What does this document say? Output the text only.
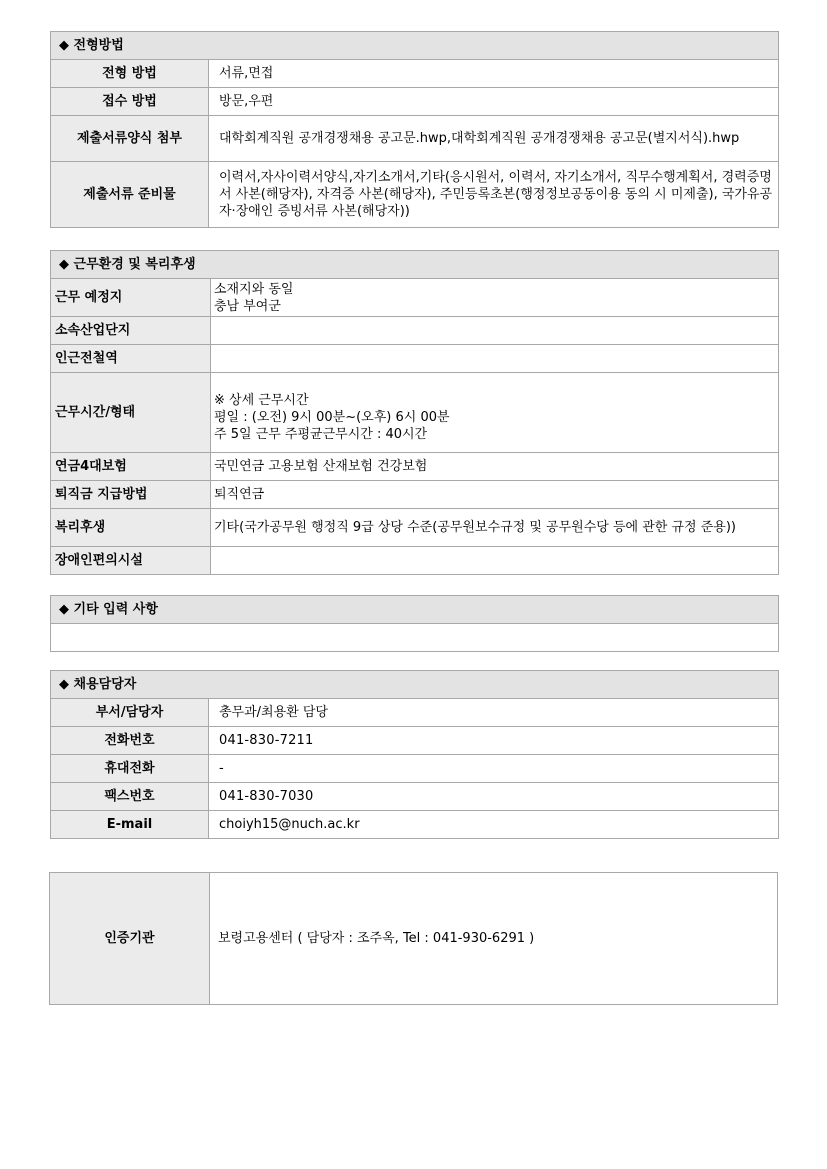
◆ 전형방법	
전형 방법	서류,면접
접수 방법	방문,우편
제출서류양식 첨부	대학회계직원 공개경쟁채용 공고문.hwp,대학회계직원 공개경쟁채용 공고문(별지서식).hwp
제출서류 준비물	이력서,자사이력서양식,자기소개서,기타(응시원서, 이력서, 자기소개서, 직무수행계획서, 경력증명서 사본(해당자), 자격증 사본(해당자), 주민등록초본(행정정보공동이용 동의 시 미제출), 국가유공자·장애인 증빙서류 사본(해당자))
◆ 근무환경 및 복리후생	
근무 예정지	소재지와 동일
충남 부여군

소속산업단지	
인근전철역	
근무시간/형태	※ 상세 근무시간
평일 : (오전) 9시 00분~(오후) 6시 00분
주 5일 근무 주평균근무시간 : 40시간

연금4대보험	국민연금 고용보험 산재보험 건강보험
퇴직금 지급방법	퇴직연금
복리후생	기타(국가공무원 행정직 9급 상당 수준(공무원보수규정 및 공무원수당 등에 관한 규정 준용))
장애인편의시설	
◆ 기타 입력 사항

◆ 채용담당자	
부서/담당자	총무과/최용환 담당
전화번호	041-830-7211
휴대전화	-
팩스번호	041-830-7030
E-mail	choiyh15@nuch.ac.kr
인증기관	보령고용센터 ( 담당자 : 조주옥, Tel : 041-930-6291 )
